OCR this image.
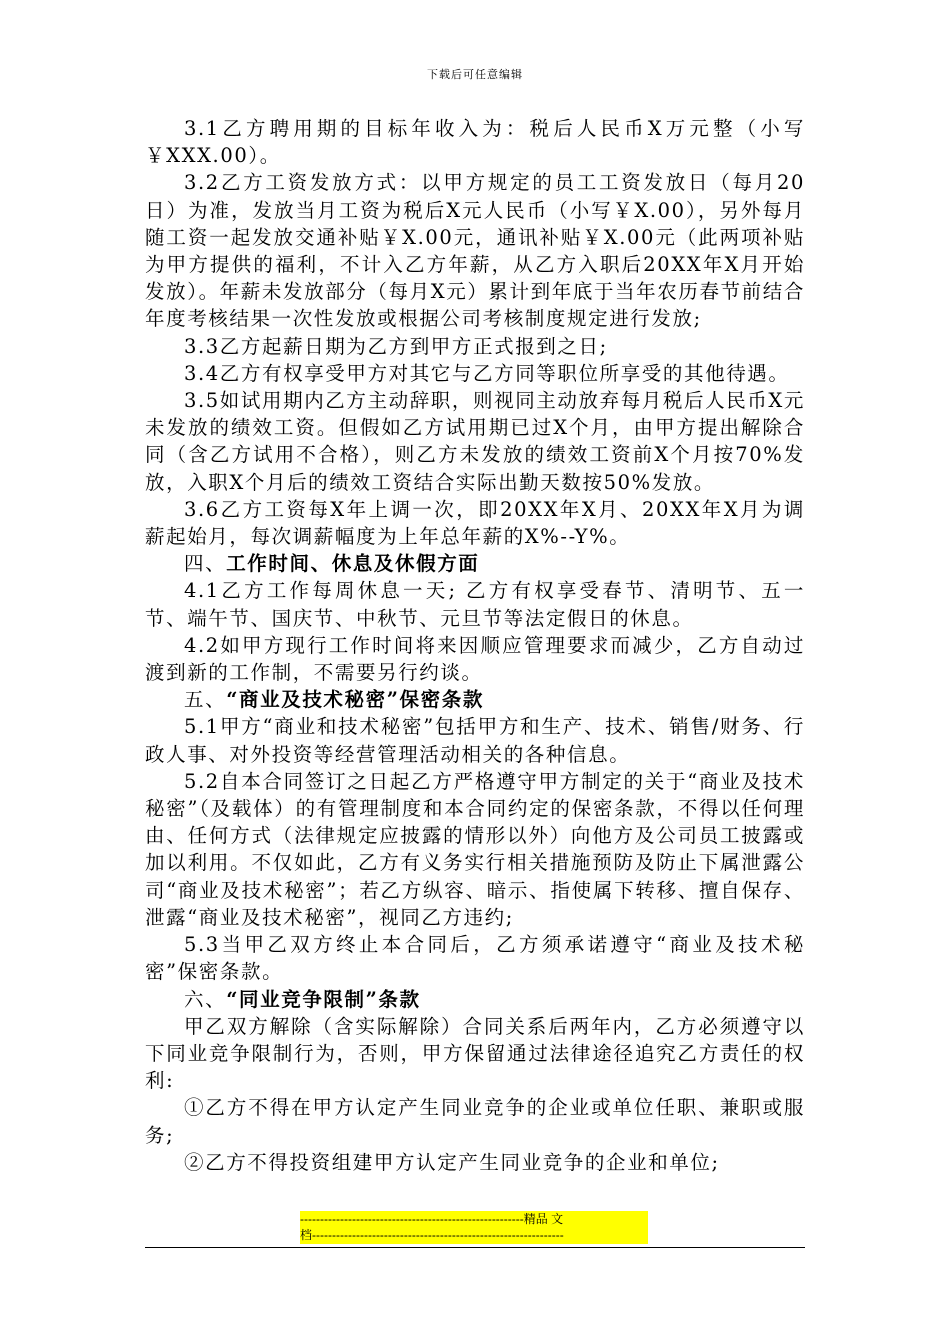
下载后可任意编辑

3.1乙方聘用期的目标年收入为：税后人民币X万元整（小写￥XXX.00）。

3.2乙方工资发放方式：以甲方规定的员工工资发放日（每月20日）为准，发放当月工资为税后X元人民币（小写￥X.00），另外每月随工资一起发放交通补贴￥X.00元，通讯补贴￥X.00元（此两项补贴为甲方提供的福利，不计入乙方年薪，从乙方入职后20XX年X月开始发放）。年薪未发放部分（每月X元）累计到年底于当年农历春节前结合年度考核结果一次性发放或根据公司考核制度规定进行发放;

3.3乙方起薪日期为乙方到甲方正式报到之日;

3.4乙方有权享受甲方对其它与乙方同等职位所享受的其他待遇。

3.5如试用期内乙方主动辞职，则视同主动放弃每月税后人民币X元未发放的绩效工资。但假如乙方试用期已过X个月，由甲方提出解除合同（含乙方试用不合格），则乙方未发放的绩效工资前X个月按70%发放，入职X个月后的绩效工资结合实际出勤天数按50%发放。

3.6乙方工资每X年上调一次，即20XX年X月、20XX年X月为调薪起始月，每次调薪幅度为上年总年薪的X%--Y%。

四、工作时间、休息及休假方面

4.1乙方工作每周休息一天; 乙方有权享受春节、清明节、五一节、端午节、国庆节、中秋节、元旦节等法定假日的休息。

4.2如甲方现行工作时间将来因顺应管理要求而减少，乙方自动过渡到新的工作制，不需要另行约谈。

五、“商业及技术秘密”保密条款

5.1甲方“商业和技术秘密”包括甲方和生产、技术、销售/财务、行政人事、对外投资等经营管理活动相关的各种信息。

5.2自本合同签订之日起乙方严格遵守甲方制定的关于“商业及技术秘密”（及载体）的有管理制度和本合同约定的保密条款，不得以任何理由、任何方式（法律规定应披露的情形以外）向他方及公司员工披露或加以利用。不仅如此，乙方有义务实行相关措施预防及防止下属泄露公司“商业及技术秘密”；若乙方纵容、暗示、指使属下转移、擅自保存、泄露“商业及技术秘密”，视同乙方违约;

5.3当甲乙双方终止本合同后，乙方须承诺遵守“商业及技术秘密”保密条款。

六、“同业竞争限制”条款

甲乙双方解除（含实际解除）合同关系后两年内，乙方必须遵守以下同业竞争限制行为，否则，甲方保留通过法律途径追究乙方责任的权利:

①乙方不得在甲方认定产生同业竞争的企业或单位任职、兼职或服务;

②乙方不得投资组建甲方认定产生同业竞争的企业和单位;

--------------------------------------------------------精品 文
档---------------------------------------------------------------
